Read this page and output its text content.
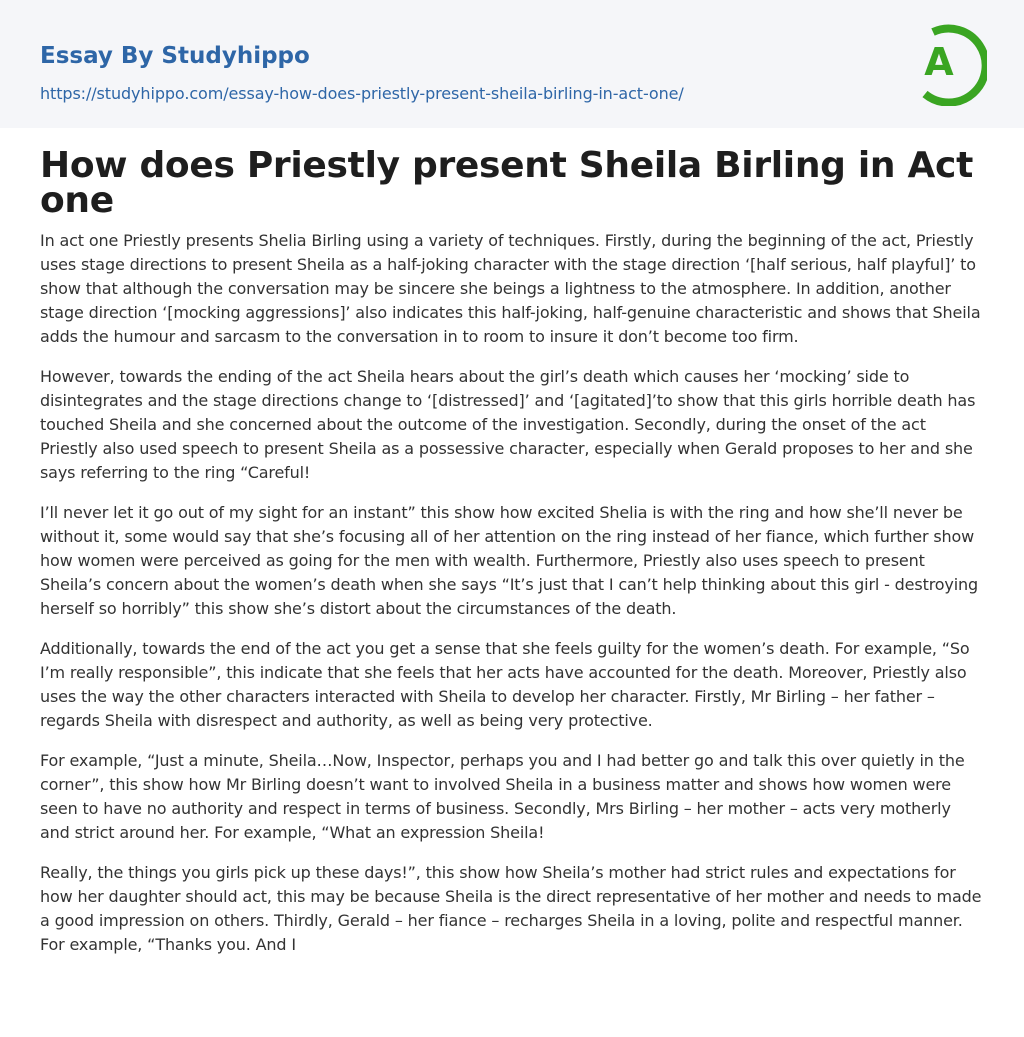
Essay By Studyhippo
https://studyhippo.com/essay-how-does-priestly-present-sheila-birling-in-act-one/
A
How does Priestly present Sheila Birling in Act one

In act one Priestly presents Shelia Birling using a variety of techniques. Firstly, during the beginning of the act, Priestly uses stage directions to present Sheila as a half-joking character with the stage direction ‘[half serious, half playful]’ to show that although the conversation may be sincere she beings a lightness to the atmosphere. In addition, another stage direction ‘[mocking aggressions]’ also indicates this half-joking, half-genuine characteristic and shows that Sheila adds the humour and sarcasm to the conversation in to room to insure it don’t become too firm.

However, towards the ending of the act Sheila hears about the girl’s death which causes her ‘mocking’ side to disintegrates and the stage directions change to ‘[distressed]’ and ‘[agitated]’to show that this girls horrible death has touched Sheila and she concerned about the outcome of the investigation. Secondly, during the onset of the act Priestly also used speech to present Sheila as a possessive character, especially when Gerald proposes to her and she says referring to the ring “Careful!

I’ll never let it go out of my sight for an instant” this show how excited Shelia is with the ring and how she’ll never be without it, some would say that she’s focusing all of her attention on the ring instead of her fiance, which further show how women were perceived as going for the men with wealth. Furthermore, Priestly also uses speech to present Sheila’s concern about the women’s death when she says “It’s just that I can’t help thinking about this girl - destroying herself so horribly” this show she’s distort about the circumstances of the death.

Additionally, towards the end of the act you get a sense that she feels guilty for the women’s death. For example, “So I’m really responsible”, this indicate that she feels that her acts have accounted for the death. Moreover, Priestly also uses the way the other characters interacted with Sheila to develop her character. Firstly, Mr Birling – her father – regards Sheila with disrespect and authority, as well as being very protective.

For example, “Just a minute, Sheila…Now, Inspector, perhaps you and I had better go and talk this over quietly in the corner”, this show how Mr Birling doesn’t want to involved Sheila in a business matter and shows how women were seen to have no authority and respect in terms of business. Secondly, Mrs Birling – her mother – acts very motherly and strict around her. For example, “What an expression Sheila!

Really, the things you girls pick up these days!”, this show how Sheila’s mother had strict rules and expectations for how her daughter should act, this may be because Sheila is the direct representative of her mother and needs to made a good impression on others. Thirdly, Gerald – her fiance – recharges Sheila in a loving, polite and respectful manner. For example, “Thanks you. And I
